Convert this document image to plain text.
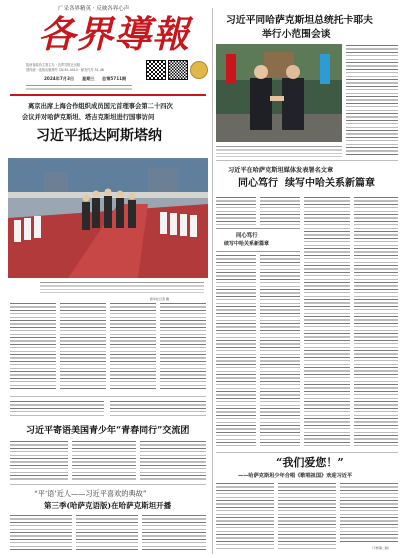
广采各界精英 · 反映各界心声
各界導報
陕西省政协主管主办 · 各界导报社出版
国内统一连续出版物号 CN 61-0014 · 邮发代号 51-46
2024年7月3日 星期三 总第5711期
离京出席上海合作组织成员国元首理事会第二十四次
会议并对哈萨克斯坦、塔吉克斯坦进行国事访问
习近平抵达阿斯塔纳
新华社记者 摄
习近平寄语美国青少年“青春同行”交流团
“平‘语’近人——习近平喜欢的典故”
第三季(哈萨克语版)在哈萨克斯坦开播
习近平同哈萨克斯坦总统托卡耶夫
举行小范围会谈
习近平在哈萨克斯坦媒体发表署名文章
同心笃行  续写中哈关系新篇章
同心笃行
续写中哈关系新篇章
“我们爱您！”
——哈萨克斯坦少年合唱《歌唱祖国》欢迎习近平
（下转第二版）
